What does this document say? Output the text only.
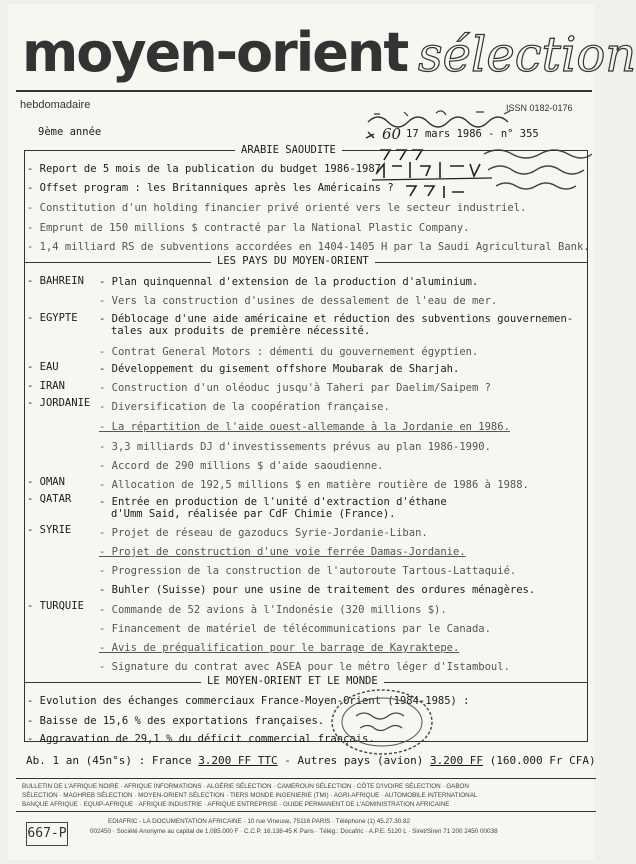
moyen-orient sélection
hebdomadaire	ISSN 0182-0176
9ème année	17 mars 1986 - n° 355
60
ARABIE SAOUDITE
- Report de 5 mois de la publication du budget 1986-1987.
- Offset program : les Britanniques après les Américains ?
- Constitution d'un holding financier privé orienté vers le secteur industriel.
- Emprunt de 150 millions $ contracté par la National Plastic Company.
- 1,4 milliard RS de subventions accordées en 1404-1405 H par la Saudi Agricultural Bank.
LES PAYS DU MOYEN-ORIENT
- BAHREIN - Plan quinquennal d'extension de la production d'aluminium.
- Vers la construction d'usines de dessalement de l'eau de mer.
- EGYPTE - Déblocage d'une aide américaine et réduction des subventions gouvernemen-
tales aux produits de première nécessité.
- Contrat General Motors : démenti du gouvernement égyptien.
- EAU	- Développement du gisement offshore Moubarak de Sharjah.
- IRAN	- Construction d'un oléoduc jusqu'à Taheri par Daelim/Saipem ?
- JORDANIE - Diversification de la coopération française.
- La répartition de l'aide ouest-allemande à la Jordanie en 1986.
- 3,3 milliards DJ d'investissements prévus au plan 1986-1990.
- Accord de 290 millions $ d'aide saoudienne.
- OMAN	- Allocation de 192,5 millions $ en matière routière de 1986 à 1988.
- QATAR	- Entrée en production de l'unité d'extraction d'éthane
d'Umm Said, réalisée par CdF Chimie (France).
- SYRIE	- Projet de réseau de gazoducs Syrie-Jordanie-Liban.
- Projet de construction d'une voie ferrée Damas-Jordanie.
- Progression de la construction de l'autoroute Tartous-Lattaquié.
- Buhler (Suisse) pour une usine de traitement des ordures ménagères.
- TURQUIE - Commande de 52 avions à l'Indonésie (320 millions $).
- Financement de matériel de télécommunications par le Canada.
- Avis de préqualification pour le barrage de Kayraktepe.
- Signature du contrat avec ASEA pour le métro léger d'Istamboul.
LE MOYEN-ORIENT ET LE MONDE
- Evolution des échanges commerciaux France-Moyen-Orient (1984-1985) :
- Baisse de 15,6 % des exportations françaises.
- Aggravation de 29,1 % du déficit commercial français.
Ab. 1 an (45n°s) : France 3.200 FF TTC - Autres pays (avion) 3.200 FF (160.000 Fr CFA)
BULLETIN DE L'AFRIQUE NOIRE · AFRIQUE INFORMATIONS · ALGÉRIE SÉLECTION · CAMEROUN SÉLECTION · CÔTE D'IVOIRE SÉLECTION · GABON
SÉLECTION · MAGHREB SÉLECTION · MOYEN-ORIENT SÉLECTION · TIERS MONDE INGENIERIE (TMI) · AGRI-AFRIQUE · AUTOMOBILE INTERNATIONAL
BANQUE AFRIQUE · EQUIP-AFRIQUE · AFRIQUE INDUSTRIE · AFRIQUE ENTREPRISE · GUIDE PERMANENT DE L'ADMINISTRATION AFRICAINE
EDIAFRIC - LA DOCUMENTATION AFRICAINE · 10 rue Vineuse, 75116 PARIS · Téléphone (1) 45.27.30.82
002450 · Société Anonyme au capital de 1.085.000 F · C.C.P. 16.138-45 K Paris · Télég.: Docafric · A.P.E. 5120 L · Siret/Siren 71 200 2450 00038
667-P
